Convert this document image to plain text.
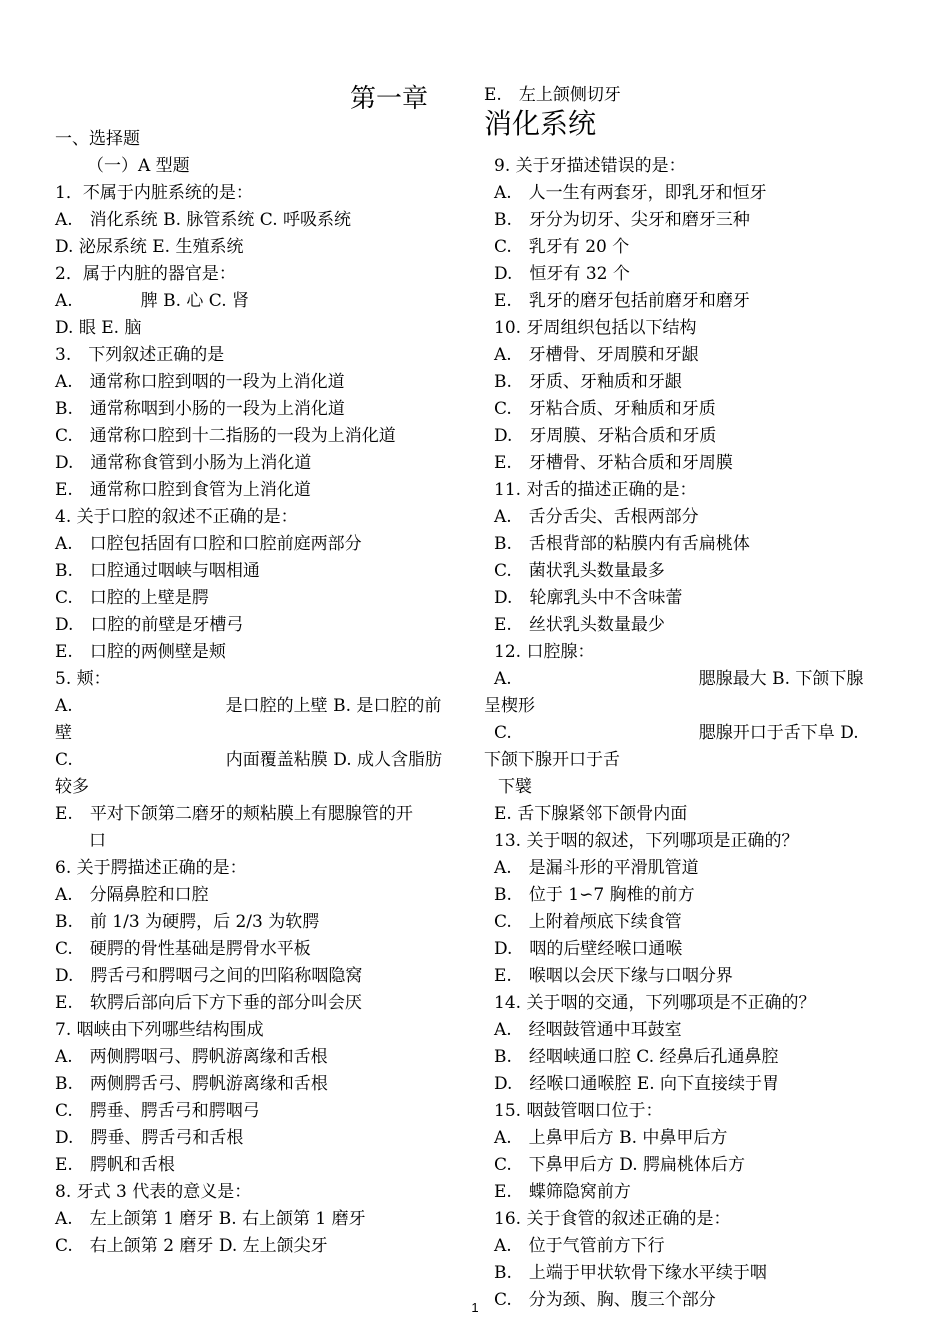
第一章
一、选择题
（一）A 型题
1．不属于内脏系统的是：
A.　消化系统 B. 脉管系统 C. 呼吸系统
D. 泌尿系统 E. 生殖系统
2．属于内脏的器官是：
A.　　　　脾 B. 心 C. 肾
D. 眼 E. 脑
3.　下列叙述正确的是
A.　通常称口腔到咽的一段为上消化道
B.　通常称咽到小肠的一段为上消化道
C.　通常称口腔到十二指肠的一段为上消化道
D.　通常称食管到小肠为上消化道
E.　通常称口腔到食管为上消化道
4. 关于口腔的叙述不正确的是：
A.　口腔包括固有口腔和口腔前庭两部分
B.　口腔通过咽峡与咽相通
C.　口腔的上壁是腭
D.　口腔的前壁是牙槽弓
E.　口腔的两侧壁是颊
5. 颊：
A.　　　　　　　　　是口腔的上壁 B. 是口腔的前
壁
C.　　　　　　　　　内面覆盖粘膜 D. 成人含脂肪
较多
E.　平对下颌第二磨牙的颊粘膜上有腮腺管的开
　　口
6. 关于腭描述正确的是：
A.　分隔鼻腔和口腔
B.　前 1/3 为硬腭，后 2/3 为软腭
C.　硬腭的骨性基础是腭骨水平板
D.　腭舌弓和腭咽弓之间的凹陷称咽隐窝
E.　软腭后部向后下方下垂的部分叫会厌
7. 咽峡由下列哪些结构围成
A.　两侧腭咽弓、腭帆游离缘和舌根
B.　两侧腭舌弓、腭帆游离缘和舌根
C.　腭垂、腭舌弓和腭咽弓
D.　腭垂、腭舌弓和舌根
E.　腭帆和舌根
8. 牙式 3 代表的意义是：
A.　左上颌第 1 磨牙 B. 右上颌第 1 磨牙
C.　右上颌第 2 磨牙 D. 左上颌尖牙
E.　左上颌侧切牙
消化系统
9. 关于牙描述错误的是：
A.　人一生有两套牙，即乳牙和恒牙
B.　牙分为切牙、尖牙和磨牙三种
C.　乳牙有 20 个
D.　恒牙有 32 个
E.　乳牙的磨牙包括前磨牙和磨牙
10. 牙周组织包括以下结构
A.　牙槽骨、牙周膜和牙龈
B.　牙质、牙釉质和牙龈
C.　牙粘合质、牙釉质和牙质
D.　牙周膜、牙粘合质和牙质
E.　牙槽骨、牙粘合质和牙周膜
11. 对舌的描述正确的是：
A.　舌分舌尖、舌根两部分
B.　舌根背部的粘膜内有舌扁桃体
C.　菌状乳头数量最多
D.　轮廓乳头中不含味蕾
E.　丝状乳头数量最少
12. 口腔腺：
A.　　　　　　　　　　　腮腺最大 B. 下颌下腺
呈楔形
C.　　　　　　　　　　　腮腺开口于舌下阜 D.
下颌下腺开口于舌
下襞
E. 舌下腺紧邻下颌骨内面
13. 关于咽的叙述，下列哪项是正确的？
A.　是漏斗形的平滑肌管道
B.　位于 1∽7 胸椎的前方
C.　上附着颅底下续食管
D.　咽的后壁经喉口通喉
E.　喉咽以会厌下缘与口咽分界
14. 关于咽的交通，下列哪项是不正确的？
A.　经咽鼓管通中耳鼓室
B.　经咽峡通口腔 C. 经鼻后孔通鼻腔
D.　经喉口通喉腔 E. 向下直接续于胃
15. 咽鼓管咽口位于：
A.　上鼻甲后方 B. 中鼻甲后方
C.　下鼻甲后方 D. 腭扁桃体后方
E.　蝶筛隐窝前方
16. 关于食管的叙述正确的是：
A.　位于气管前方下行
B.　上端于甲状软骨下缘水平续于咽
C.　分为颈、胸、腹三个部分
1
